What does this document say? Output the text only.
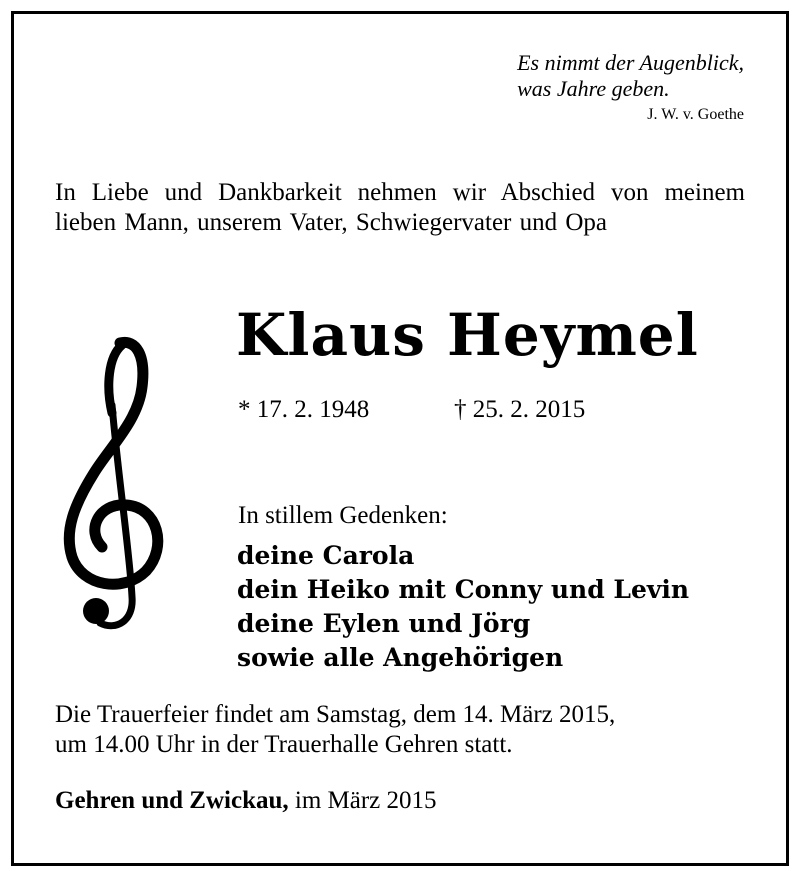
Es nimmt der Augenblick,
was Jahre geben.
J. W. v. Goethe
In Liebe und Dankbarkeit nehmen wir Abschied von meinem lieben Mann, unserem Vater, Schwiegervater und Opa
Klaus Heymel
* 17. 2. 1948	† 25. 2. 2015
In stillem Gedenken:
deine Carola
dein Heiko mit Conny und Levin
deine Eylen und Jörg
sowie alle Angehörigen
Die Trauerfeier findet am Samstag, dem 14. März 2015,
um 14.00 Uhr in der Trauerhalle Gehren statt.
Gehren und Zwickau, im März 2015
